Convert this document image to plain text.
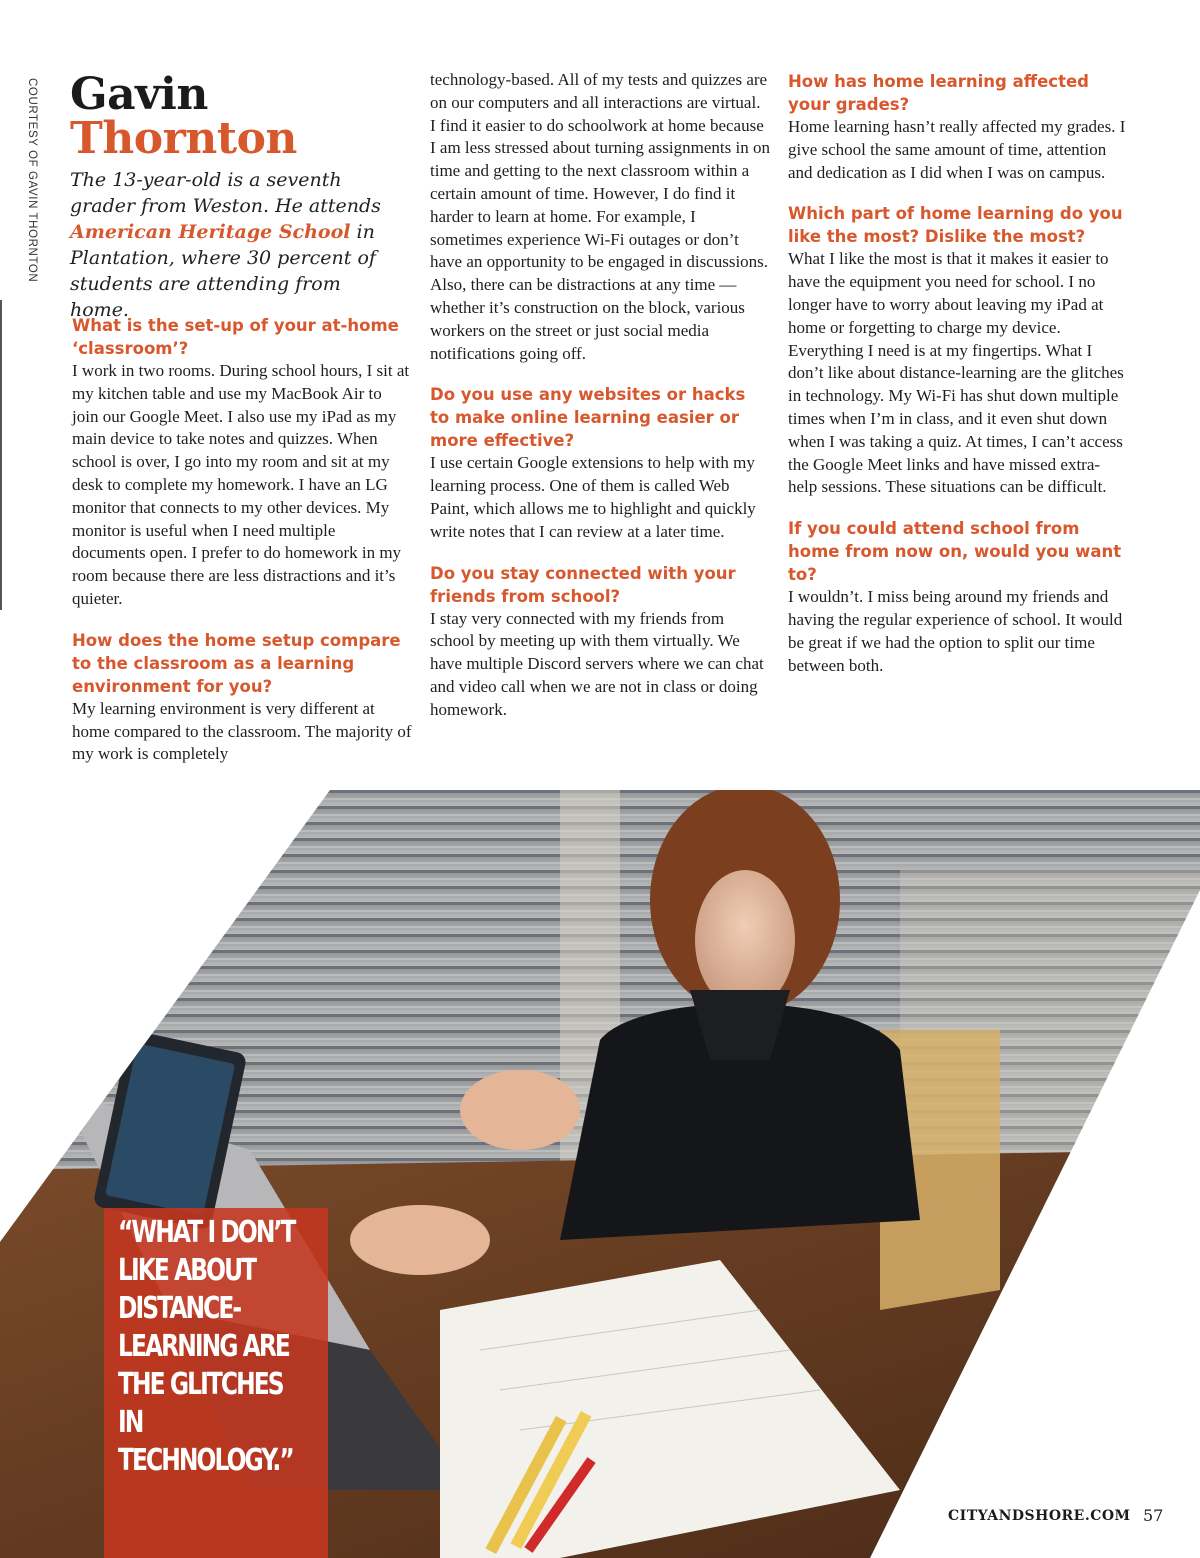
COURTESY OF GAVIN THORNTON Gavin
Thornton

The 13-year-old is a seventh grader from Weston. He attends American Heritage School in Plantation, where 30 percent of students are attending from home.

What is the set-up of your at-home ‘classroom’?

I work in two rooms. During school hours, I sit at my kitchen table and use my MacBook Air to join our Google Meet. I also use my iPad as my main device to take notes and quizzes. When school is over, I go into my room and sit at my desk to complete my homework. I have an LG monitor that connects to my other devices. My monitor is useful when I need multiple documents open. I prefer to do homework in my room because there are less distractions and it’s quieter.

How does the home setup compare to the classroom as a learning environment for you?

My learning environment is very different at home compared to the classroom. The majority of my work is completely

technology-based. All of my tests and quizzes are on our computers and all interactions are virtual. I find it easier to do schoolwork at home because I am less stressed about turning assignments in on time and getting to the next classroom within a certain amount of time. However, I do find it harder to learn at home. For example, I sometimes experience Wi-Fi outages or don’t have an opportunity to be engaged in discussions. Also, there can be distractions at any time — whether it’s construction on the block, various workers on the street or just social media notifications going off.

Do you use any websites or hacks to make online learning easier or more effective?

I use certain Google extensions to help with my learning process. One of them is called Web Paint, which allows me to highlight and quickly write notes that I can review at a later time.

Do you stay connected with your friends from school?

I stay very connected with my friends from school by meeting up with them virtually. We have multiple Discord servers where we can chat and video call when we are not in class or doing homework.

How has home learning affected your grades?

Home learning hasn’t really affected my grades. I give school the same amount of time, attention and dedication as I did when I was on campus.

Which part of home learning do you like the most? Dislike the most?

What I like the most is that it makes it easier to have the equipment you need for school. I no longer have to worry about leaving my iPad at home or forgetting to charge my device. Everything I need is at my fingertips. What I don’t like about distance-learning are the glitches in technology. My Wi-Fi has shut down multiple times when I’m in class, and it even shut down when I was taking a quiz. At times, I can’t access the Google Meet links and have missed extra-help sessions. These situations can be difficult.

If you could attend school from home from now on, would you want to?

I wouldn’t. I miss being around my friends and having the regular experience of school. It would be great if we had the option to split our time between both.

“WHAT I DON’T LIKE ABOUT DISTANCE-LEARNING ARE THE GLITCHES IN TECHNOLOGY.”
CITYANDSHORE.COM 57
